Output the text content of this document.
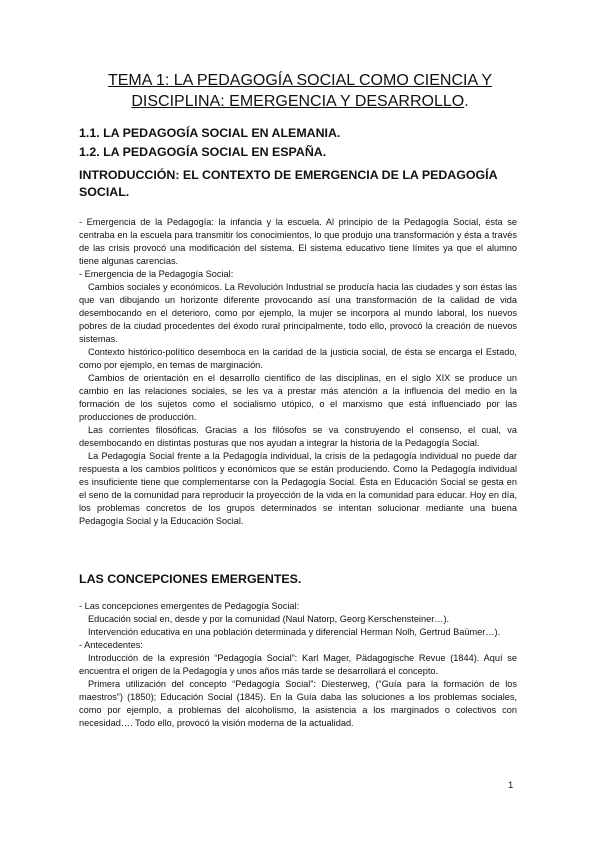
TEMA 1: LA PEDAGOGÍA SOCIAL COMO CIENCIA Y
DISCIPLINA: EMERGENCIA Y DESARROLLO.

1.1. LA PEDAGOGÍA SOCIAL EN ALEMANIA.

1.2. LA PEDAGOGÍA SOCIAL EN ESPAÑA.

INTRODUCCIÓN: EL CONTEXTO DE EMERGENCIA DE LA PEDAGOGÍA SOCIAL.

- Emergencia de la Pedagogía: la infancia y la escuela. Al principio de la Pedagogía Social, ésta se centraba en la escuela para transmitir los conocimientos, lo que produjo una transformación y ésta a través de las crisis provocó una modificación del sistema. El sistema educativo tiene límites ya que el alumno tiene algunas carencias.

- Emergencia de la Pedagogía Social:

Cambios sociales y económicos. La Revolución Industrial se producía hacia las ciudades y son éstas las que van dibujando un horizonte diferente provocando así una transformación de la calidad de vida desembocando en el deterioro, como por ejemplo, la mujer se incorpora al mundo laboral, los nuevos pobres de la ciudad procedentes del éxodo rural principalmente, todo ello, provocó la creación de nuevos sistemas.

Contexto histórico-político desemboca en la caridad de la justicia social, de ésta se encarga el Estado, como por ejemplo, en temas de marginación.

Cambios de orientación en el desarrollo científico de las disciplinas, en el siglo XIX se produce un cambio en las relaciones sociales, se les va a prestar más atención a la influencia del medio en la formación de los sujetos como el socialismo utópico, o el marxismo que está influenciado por las producciones de producción.

Las corrientes filosóficas. Gracias a los filósofos se va construyendo el consenso, el cual, va desembocando en distintas posturas que nos ayudan a integrar la historia de la Pedagogía Social.

La Pedagogía Social frente a la Pedagogía individual, la crisis de la pedagogía individual no puede dar respuesta a los cambios políticos y económicos que se están produciendo. Como la Pedagogía individual es insuficiente tiene que complementarse con la Pedagogía Social. Ésta en Educación Social se gesta en el seno de la comunidad para reproducir la proyección de la vida en la comunidad para educar. Hoy en día, los problemas concretos de los grupos determinados se intentan solucionar mediante una buena Pedagogía Social y la Educación Social.

LAS CONCEPCIONES EMERGENTES.

- Las concepciones emergentes de Pedagogía Social:

Educación social en, desde y por la comunidad (Naul Natorp, Georg Kerschensteiner…).

Intervención educativa en una población determinada y diferencial Herman Nolh, Gertrud Baümer…).

- Antecedentes:

Introducción de la expresión “Pedagogía Social”: Karl Mager, Pädagogische Revue (1844). Aquí se encuentra el origen de la Pedagogía y unos años más tarde se desarrollará el concepto.

Primera utilización del concepto “Pedagogía Social”: Diesterweg, (“Guía para la formación de los maestros”) (1850); Educación Social (1845). En la Guía daba las soluciones a los problemas sociales, como por ejemplo, a problemas del alcoholismo, la asistencia a los marginados o colectivos con necesidad…. Todo ello, provocó la visión moderna de la actualidad.

1
